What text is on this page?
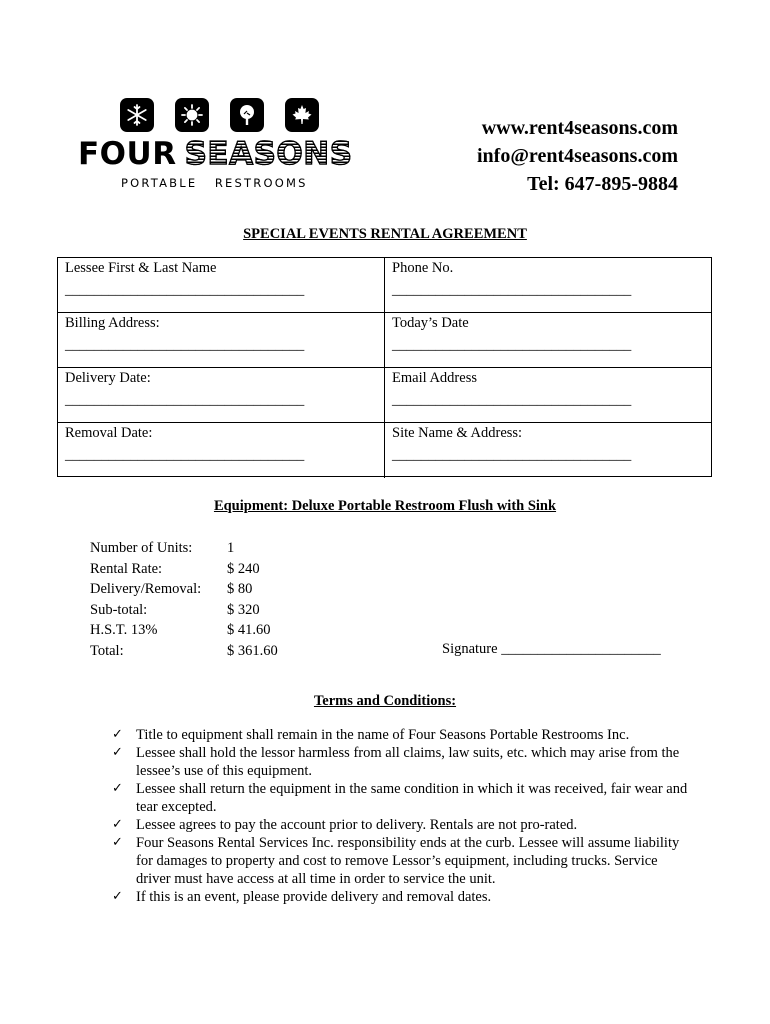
FOUR SEASONS
PORTABLE   RESTROOMS
www.rent4seasons.com
info@rent4seasons.com
Tel: 647-895-9884
SPECIAL EVENTS RENTAL AGREEMENT
Lessee First & Last Name
_________________________________
Phone No.
_________________________________
Billing Address:
_________________________________
Today’s Date
_________________________________
Delivery Date:
_________________________________
Email Address
_________________________________
Removal Date:
_________________________________
Site Name & Address:
_________________________________
Equipment: Deluxe Portable Restroom Flush with Sink
Number of Units: 1
Rental Rate:	$ 240
Delivery/Removal: $ 80
Sub-total:	$ 320
H.S.T. 13%	$ 41.60
Total:	$ 361.60	Signature ______________________
Terms and Conditions:
✓ Title to equipment shall remain in the name of Four Seasons Portable Restrooms Inc.
✓ Lessee shall hold the lessor harmless from all claims, law suits, etc. which may arise from the lessee’s use of this equipment.
✓ Lessee shall return the equipment in the same condition in which it was received, fair wear and tear excepted.
✓ Lessee agrees to pay the account prior to delivery. Rentals are not pro-rated.
✓ Four Seasons Rental Services Inc. responsibility ends at the curb. Lessee will assume liability for damages to property and cost to remove Lessor’s equipment, including trucks. Service driver must have access at all time in order to service the unit.
✓ If this is an event, please provide delivery and removal dates.
